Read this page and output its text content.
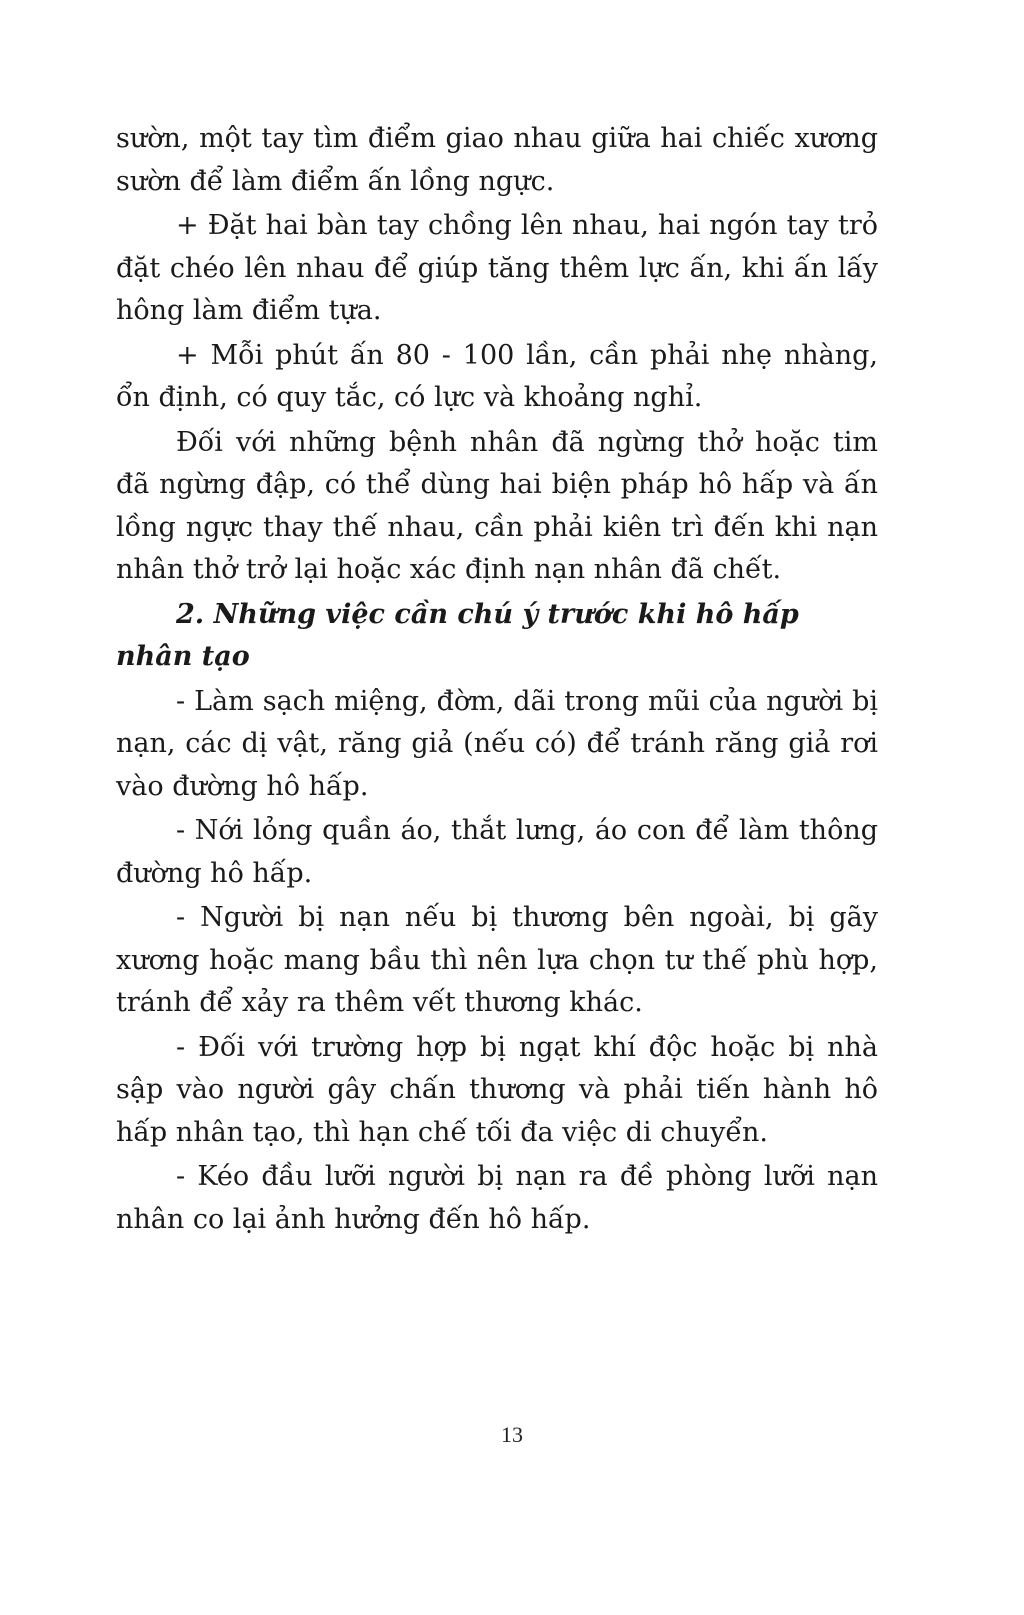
sườn, một tay tìm điểm giao nhau giữa hai chiếc xương sườn để làm điểm ấn lồng ngực.

+ Đặt hai bàn tay chồng lên nhau, hai ngón tay trỏ đặt chéo lên nhau để giúp tăng thêm lực ấn, khi ấn lấy hông làm điểm tựa.

+ Mỗi phút ấn 80 - 100 lần, cần phải nhẹ nhàng, ổn định, có quy tắc, có lực và khoảng nghỉ.

Đối với những bệnh nhân đã ngừng thở hoặc tim đã ngừng đập, có thể dùng hai biện pháp hô hấp và ấn lồng ngực thay thế nhau, cần phải kiên trì đến khi nạn nhân thở trở lại hoặc xác định nạn nhân đã chết.

2. Những việc cần chú ý trước khi hô hấp nhân tạo

- Làm sạch miệng, đờm, dãi trong mũi của người bị nạn, các dị vật, răng giả (nếu có) để tránh răng giả rơi vào đường hô hấp.

- Nới lỏng quần áo, thắt lưng, áo con để làm thông đường hô hấp.

- Người bị nạn nếu bị thương bên ngoài, bị gãy xương hoặc mang bầu thì nên lựa chọn tư thế phù hợp, tránh để xảy ra thêm vết thương khác.

- Đối với trường hợp bị ngạt khí độc hoặc bị nhà sập vào người gây chấn thương và phải tiến hành hô hấp nhân tạo, thì hạn chế tối đa việc di chuyển.

- Kéo đầu lưỡi người bị nạn ra đề phòng lưỡi nạn nhân co lại ảnh hưởng đến hô hấp.

13
